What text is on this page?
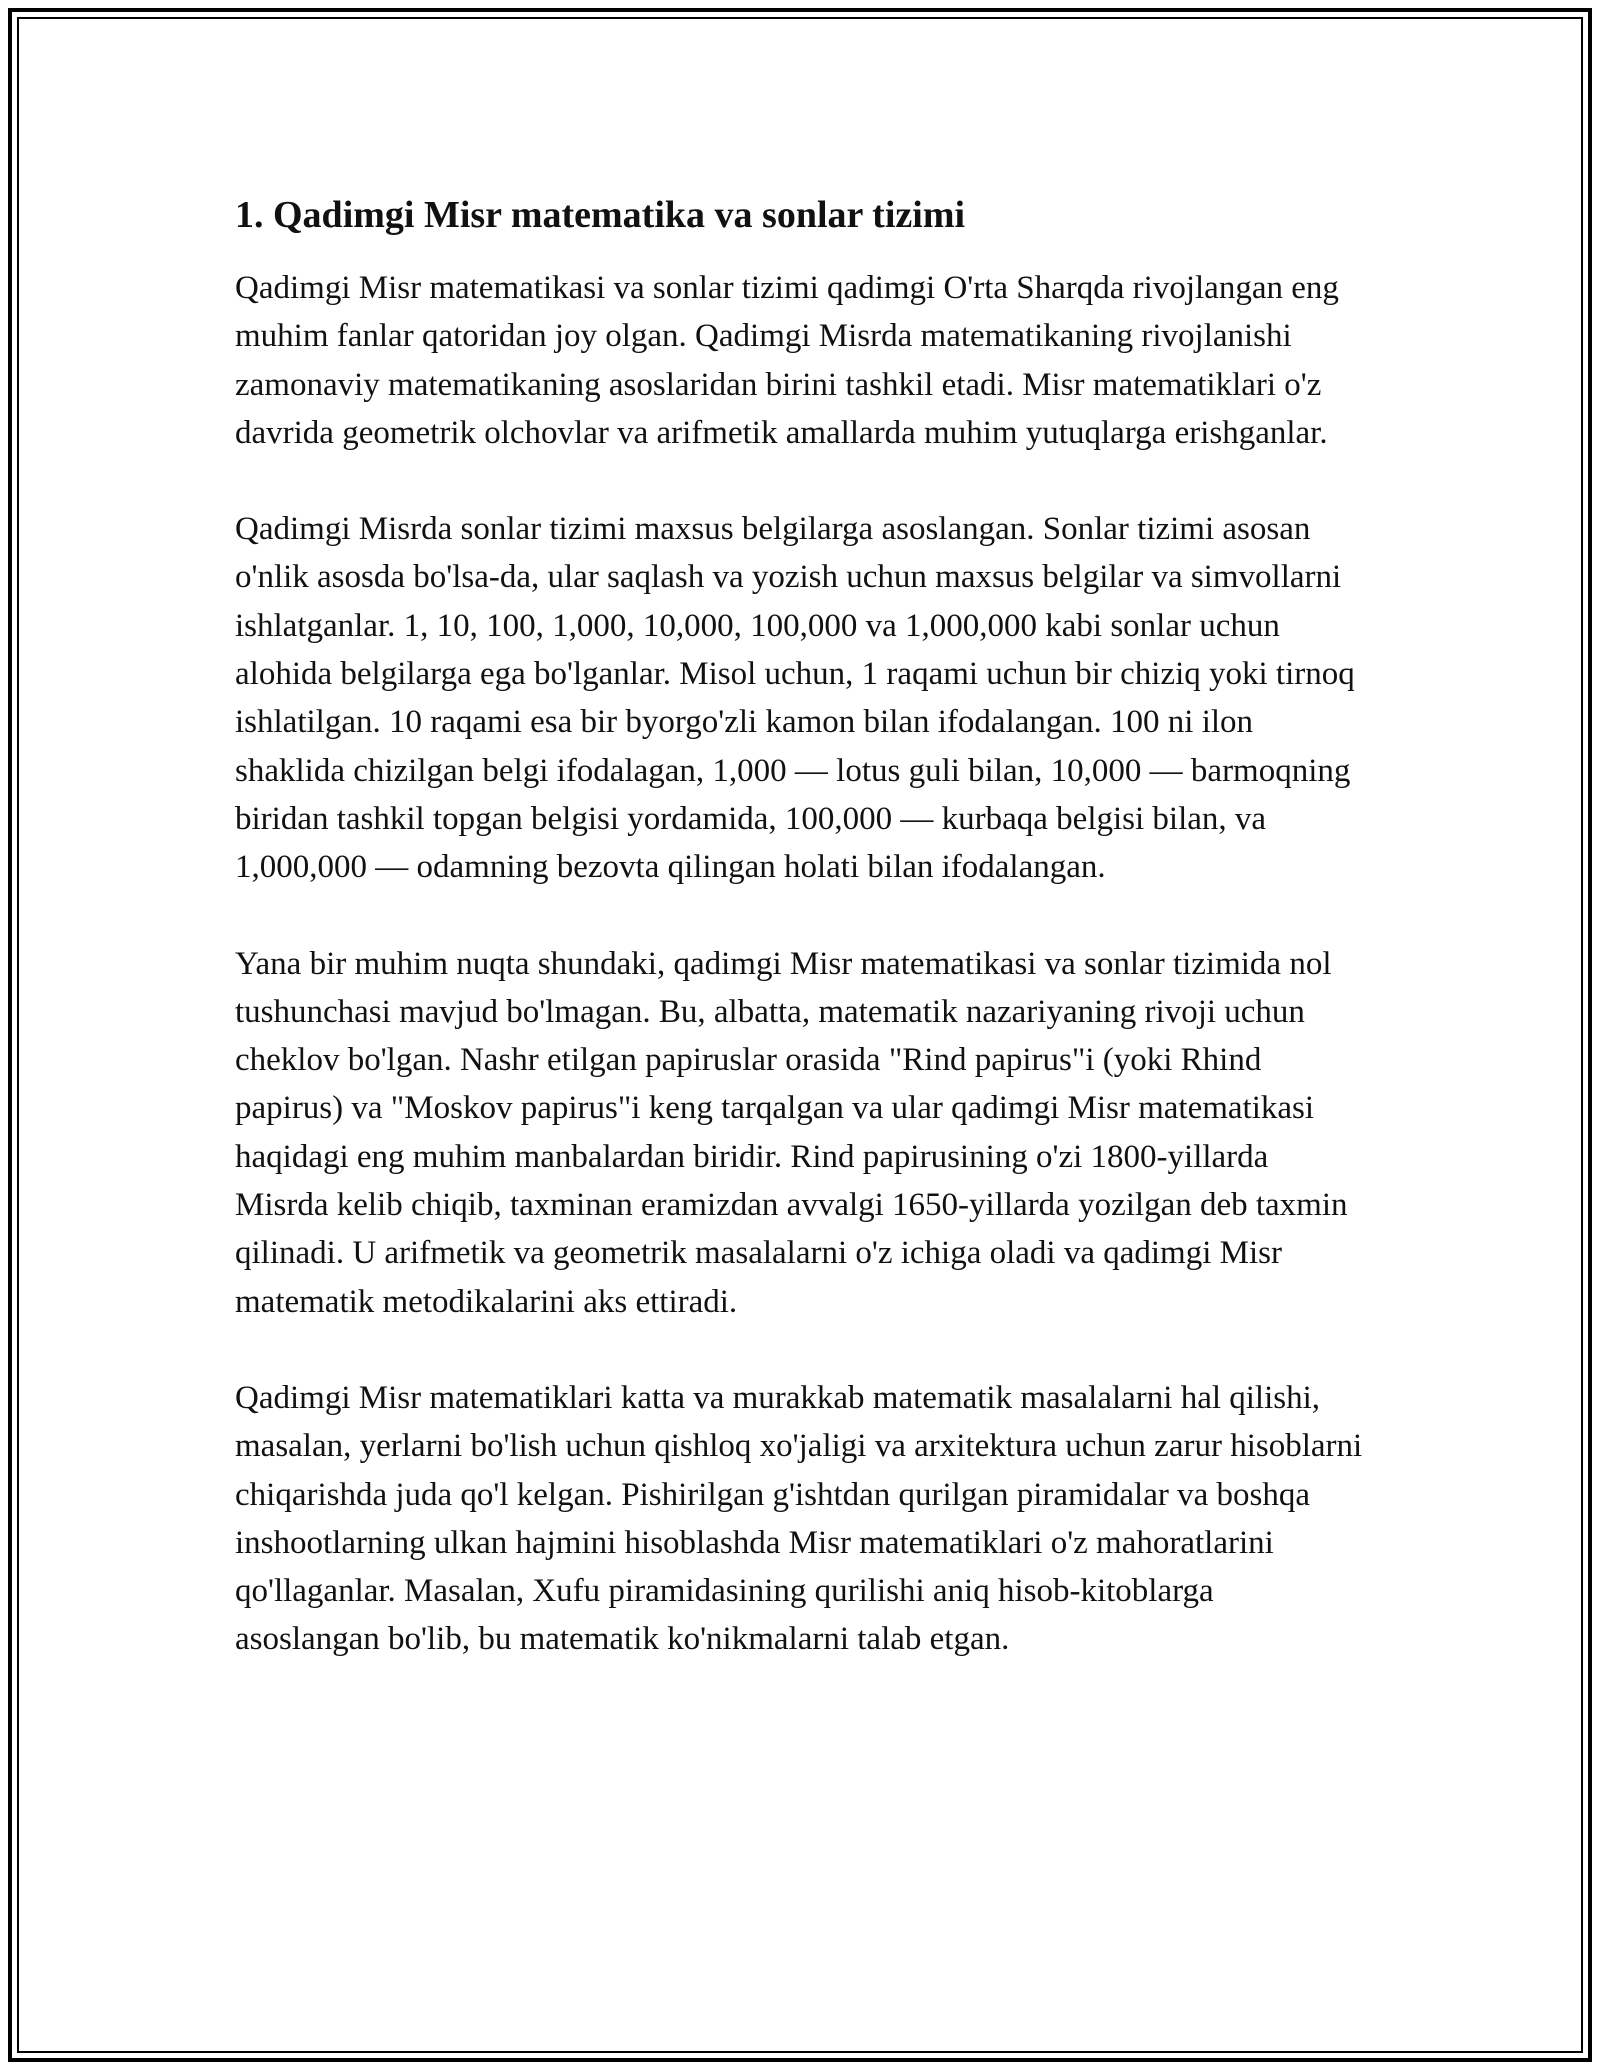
1. Qadimgi Misr matematika va sonlar tizimi

Qadimgi Misr matematikasi va sonlar tizimi qadimgi O'rta Sharqda rivojlangan eng muhim fanlar qatoridan joy olgan. Qadimgi Misrda matematikaning rivojlanishi zamonaviy matematikaning asoslaridan birini tashkil etadi. Misr matematiklari o'z davrida geometrik olchovlar va arifmetik amallarda muhim yutuqlarga erishganlar.

Qadimgi Misrda sonlar tizimi maxsus belgilarga asoslangan. Sonlar tizimi asosan o'nlik asosda bo'lsa-da, ular saqlash va yozish uchun maxsus belgilar va simvollarni ishlatganlar. 1, 10, 100, 1,000, 10,000, 100,000 va 1,000,000 kabi sonlar uchun alohida belgilarga ega bo'lganlar. Misol uchun, 1 raqami uchun bir chiziq yoki tirnoq ishlatilgan. 10 raqami esa bir byorgo'zli kamon bilan ifodalangan. 100 ni ilon shaklida chizilgan belgi ifodalagan, 1,000 — lotus guli bilan, 10,000 — barmoqning biridan tashkil topgan belgisi yordamida, 100,000 — kurbaqa belgisi bilan, va 1,000,000 — odamning bezovta qilingan holati bilan ifodalangan.

Yana bir muhim nuqta shundaki, qadimgi Misr matematikasi va sonlar tizimida nol tushunchasi mavjud bo'lmagan. Bu, albatta, matematik nazariyaning rivoji uchun cheklov bo'lgan. Nashr etilgan papiruslar orasida "Rind papirus"i (yoki Rhind papirus) va "Moskov papirus"i keng tarqalgan va ular qadimgi Misr matematikasi haqidagi eng muhim manbalardan biridir. Rind papirusining o'zi 1800-yillarda Misrda kelib chiqib, taxminan eramizdan avvalgi 1650-yillarda yozilgan deb taxmin qilinadi. U arifmetik va geometrik masalalarni o'z ichiga oladi va qadimgi Misr matematik metodikalarini aks ettiradi.

Qadimgi Misr matematiklari katta va murakkab matematik masalalarni hal qilishi, masalan, yerlarni bo'lish uchun qishloq xo'jaligi va arxitektura uchun zarur hisoblarni chiqarishda juda qo'l kelgan. Pishirilgan g'ishtdan qurilgan piramidalar va boshqa inshootlarning ulkan hajmini hisoblashda Misr matematiklari o'z mahoratlarini qo'llaganlar. Masalan, Xufu piramidasining qurilishi aniq hisob-kitoblarga asoslangan bo'lib, bu matematik ko'nikmalarni talab etgan.
